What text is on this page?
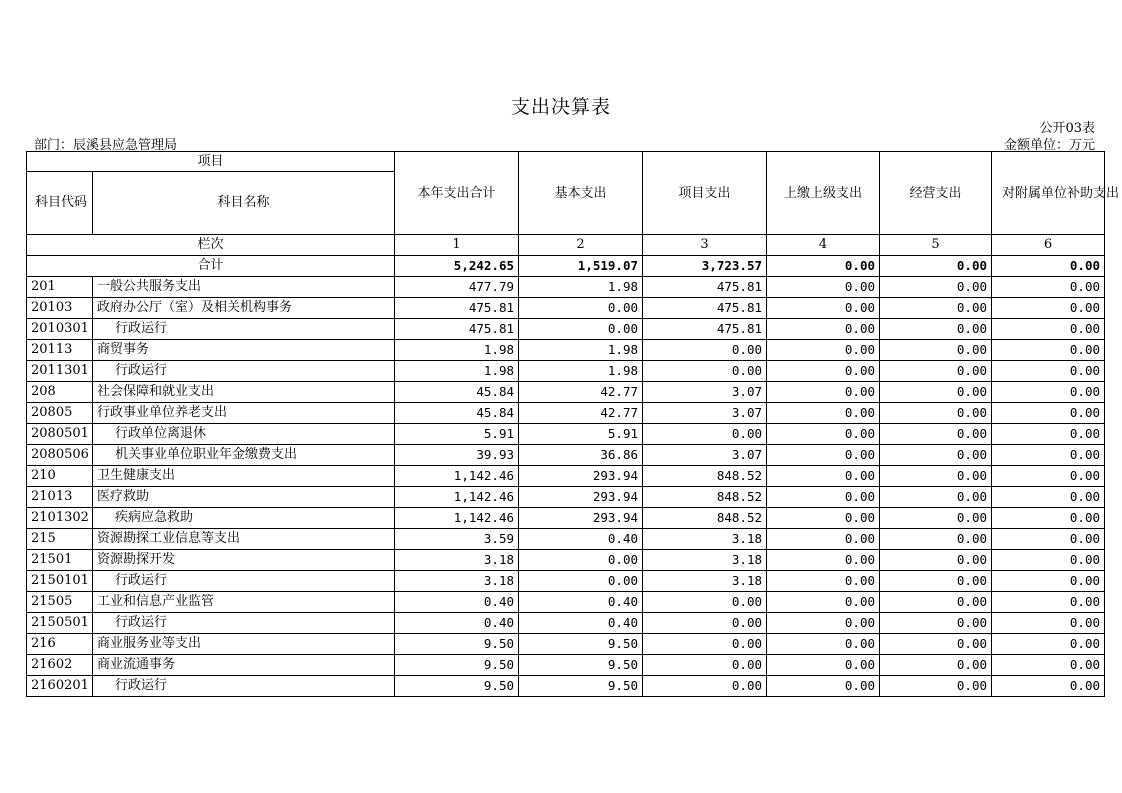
支出决算表
公开03表
部门：辰溪县应急管理局	金额单位：万元
项目		本年支出合计	基本支出	项目支出	上缴上级支出	经营支出	对附属单位补助支出
科目代码	科目名称						
栏次		1	2	3	4	5	6
合计		5,242.65	1,519.07	3,723.57	0.00	0.00	0.00
201	一般公共服务支出	477.79	1.98	475.81	0.00	0.00	0.00
20103	政府办公厅（室）及相关机构事务	475.81	0.00	475.81	0.00	0.00	0.00
2010301	行政运行	475.81	0.00	475.81	0.00	0.00	0.00
20113	商贸事务	1.98	1.98	0.00	0.00	0.00	0.00
2011301	行政运行	1.98	1.98	0.00	0.00	0.00	0.00
208	社会保障和就业支出	45.84	42.77	3.07	0.00	0.00	0.00
20805	行政事业单位养老支出	45.84	42.77	3.07	0.00	0.00	0.00
2080501	行政单位离退休	5.91	5.91	0.00	0.00	0.00	0.00
2080506	机关事业单位职业年金缴费支出	39.93	36.86	3.07	0.00	0.00	0.00
210	卫生健康支出	1,142.46	293.94	848.52	0.00	0.00	0.00
21013	医疗救助	1,142.46	293.94	848.52	0.00	0.00	0.00
2101302	疾病应急救助	1,142.46	293.94	848.52	0.00	0.00	0.00
215	资源勘探工业信息等支出	3.59	0.40	3.18	0.00	0.00	0.00
21501	资源勘探开发	3.18	0.00	3.18	0.00	0.00	0.00
2150101	行政运行	3.18	0.00	3.18	0.00	0.00	0.00
21505	工业和信息产业监管	0.40	0.40	0.00	0.00	0.00	0.00
2150501	行政运行	0.40	0.40	0.00	0.00	0.00	0.00
216	商业服务业等支出	9.50	9.50	0.00	0.00	0.00	0.00
21602	商业流通事务	9.50	9.50	0.00	0.00	0.00	0.00
2160201	行政运行	9.50	9.50	0.00	0.00	0.00	0.00
